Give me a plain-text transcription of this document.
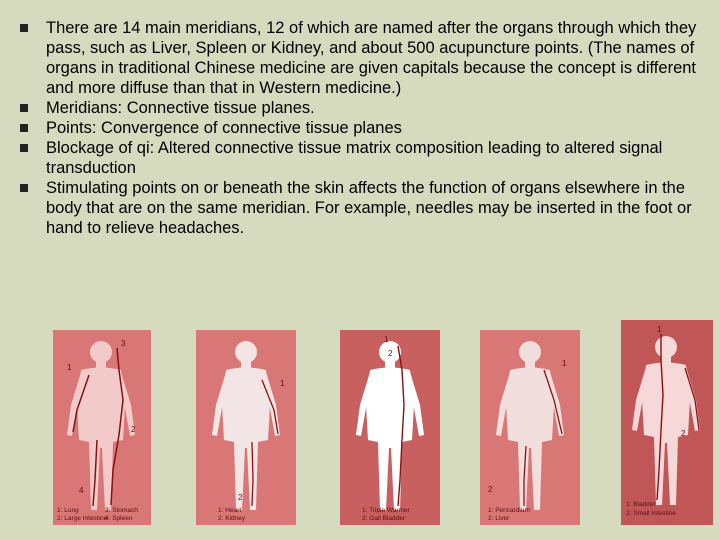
There are 14 main meridians, 12 of which are named after the organs through which they pass, such as Liver, Spleen or Kidney, and about 500 acupuncture points. (The names of organs in traditional Chinese medicine are given capitals because the concept is different and more diffuse than that in Western medicine.)
Meridians: Connective tissue planes.
Points: Convergence of connective tissue planes
Blockage of qi: Altered connective tissue matrix composition leading to altered signal transduction
Stimulating points on or beneath the skin affects the function of organs elsewhere in the body that are on the same meridian. For example, needles may be inserted in the foot or hand to relieve headaches.
3
2
1
4
1: Lung
2: Large Intestine
3: Stomach
4: Spleen
1
2
1: Heart
2: Kidney
1
2
1: Triple Warmer
2: Gall Bladder
1
2
1: Pericardium
2: Liver
1
2
1: Bladder
2: Small Intestine
